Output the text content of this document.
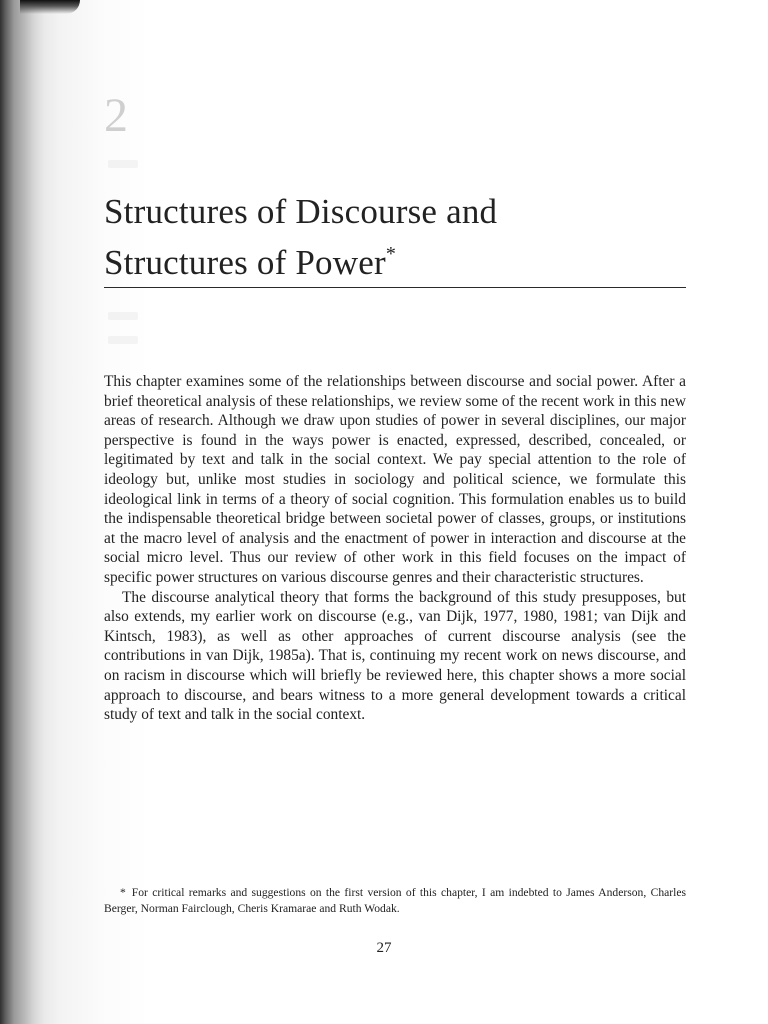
2
Structures of Discourse and
Structures of Power*

This chapter examines some of the relationships between discourse and social power. After a brief theoretical analysis of these relationships, we review some of the recent work in this new areas of research. Although we draw upon studies of power in several disciplines, our major perspective is found in the ways power is enacted, expressed, described, concealed, or legitimated by text and talk in the social context. We pay special attention to the role of ideology but, unlike most studies in sociology and political science, we formulate this ideological link in terms of a theory of social cognition. This formulation enables us to build the indispensable theoretical bridge between societal power of classes, groups, or institutions at the macro level of analysis and the enactment of power in interaction and discourse at the social micro level. Thus our review of other work in this field focuses on the impact of specific power structures on various discourse genres and their characteristic structures.

The discourse analytical theory that forms the background of this study presupposes, but also extends, my earlier work on discourse (e.g., van Dijk, 1977, 1980, 1981; van Dijk and Kintsch, 1983), as well as other approaches of current discourse analysis (see the contributions in van Dijk, 1985a). That is, continuing my recent work on news discourse, and on racism in discourse which will briefly be reviewed here, this chapter shows a more social approach to discourse, and bears witness to a more general development towards a critical study of text and talk in the social context.

* For critical remarks and suggestions on the first version of this chapter, I am indebted to James Anderson, Charles Berger, Norman Fairclough, Cheris Kramarae and Ruth Wodak.

27
